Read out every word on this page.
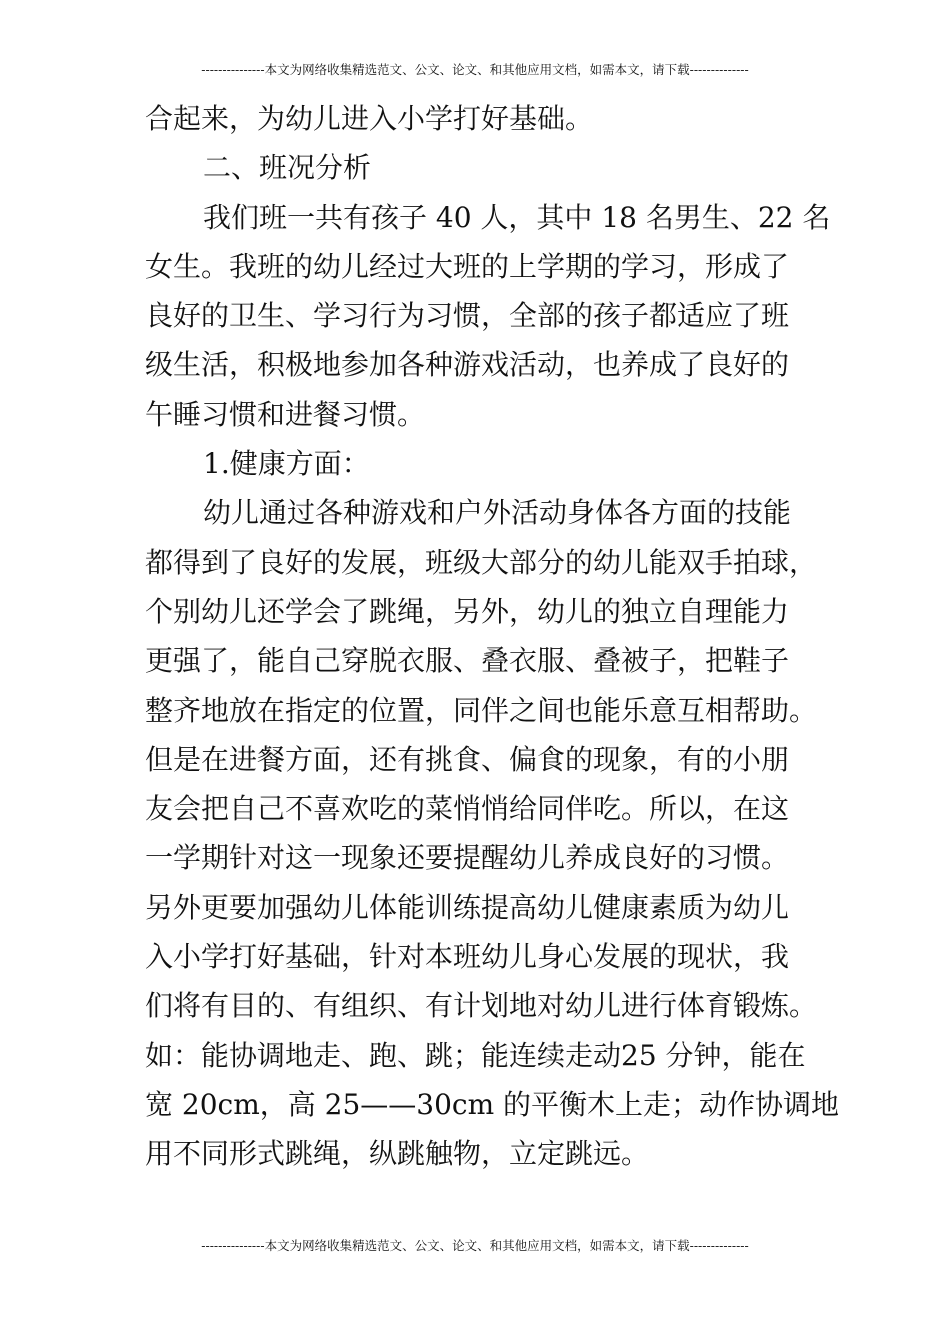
---------------本文为网络收集精选范文、公文、论文、和其他应用文档，如需本文，请下载--------------
合起来，为幼儿进入小学打好基础。
二、班况分析
我们班一共有孩子 40 人，其中 18 名男生、22 名
女生。我班的幼儿经过大班的上学期的学习，形成了
良好的卫生、学习行为习惯，全部的孩子都适应了班
级生活，积极地参加各种游戏活动，也养成了良好的
午睡习惯和进餐习惯。
1.健康方面：
幼儿通过各种游戏和户外活动身体各方面的技能
都得到了良好的发展，班级大部分的幼儿能双手拍球，
个别幼儿还学会了跳绳，另外，幼儿的独立自理能力
更强了，能自己穿脱衣服、叠衣服、叠被子，把鞋子
整齐地放在指定的位置，同伴之间也能乐意互相帮助。
但是在进餐方面，还有挑食、偏食的现象，有的小朋
友会把自己不喜欢吃的菜悄悄给同伴吃。所以，在这
一学期针对这一现象还要提醒幼儿养成良好的习惯。
另外更要加强幼儿体能训练提高幼儿健康素质为幼儿
入小学打好基础，针对本班幼儿身心发展的现状，我
们将有目的、有组织、有计划地对幼儿进行体育锻炼。
如：能协调地走、跑、跳；能连续走动25 分钟，能在
宽 20cm，高 25——30cm 的平衡木上走；动作协调地
用不同形式跳绳，纵跳触物，立定跳远。
---------------本文为网络收集精选范文、公文、论文、和其他应用文档，如需本文，请下载--------------
